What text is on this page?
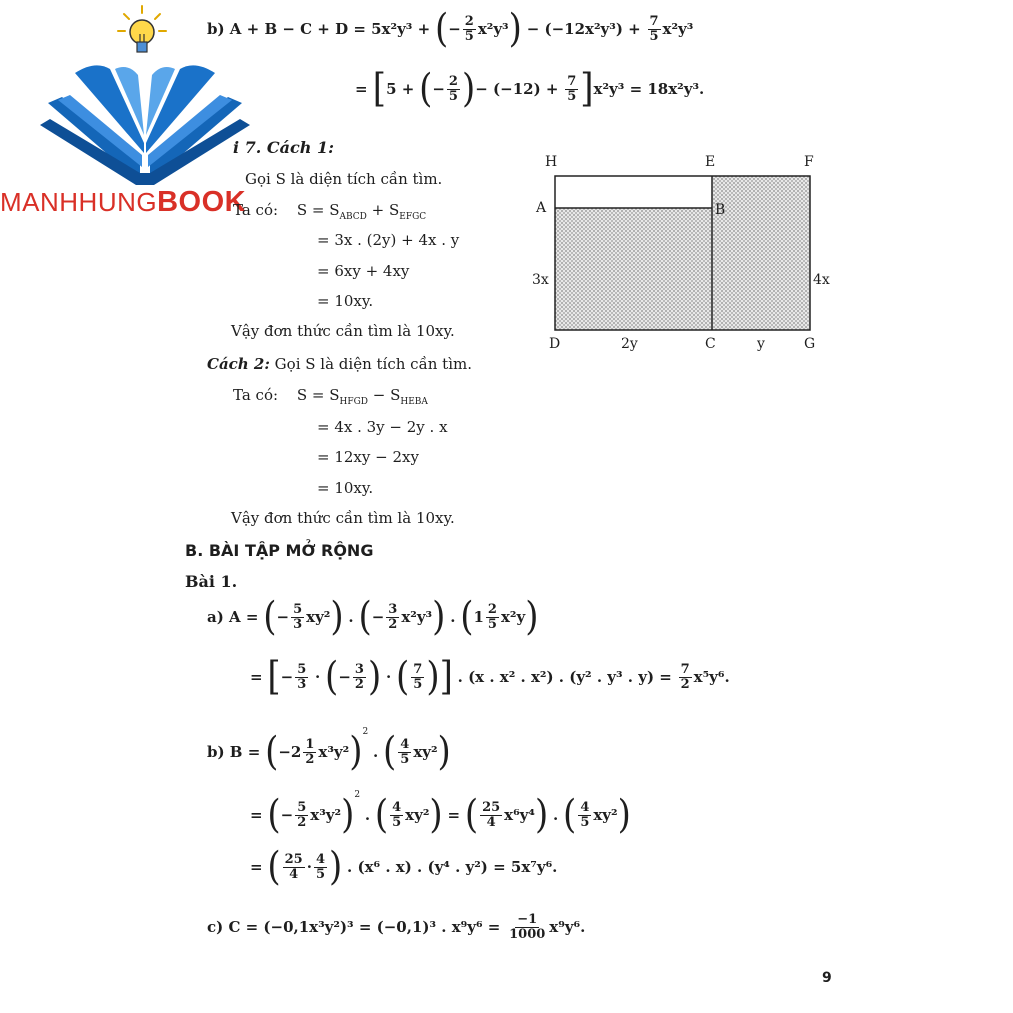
MANHHUNGBOOK
b) A + B − C + D = 5x²y³ + (− $\frac{2}{5} x^2y^3) - (-12x^2y^3) + \frac{7}{5} x^2y^3$
= [5 + (− $\frac{2}{5}$ )− $(-12) + \frac{7}{5} ]x^2y^3 = 18x^2y^3$.
i 7. Cách 1:
Gọi S là diện tích cần tìm.
Ta có: $S = S_{ABCD} + S_{EFGC}$
= 3x . (2y) + 4x . y
= 6xy + 4xy
= 10xy.
Vậy đơn thức cần tìm là 10xy.
Cách 2: Gọi S là diện tích cần tìm.
Ta có: $S = S_{HFGD} - S_{HEBA}$
= 4x . 3y − 2y . x
= 12xy − 2xy
= 10xy.
Vậy đơn thức cần tìm là 10xy.
H	E	F
A	B
3x	4x
D	2y	C	y	G
B. BÀI TẬP MỞ RỘNG
Bài 1.
a) A = (− $\frac{5}{3} xy^2$) . (− $\frac{3}{2} x^2y^3$) . $(1 \frac{2}{5} x^2y)$
= [− $\frac{5}{3}$ · (− $\frac{3}{2}$ ) · ( $\frac{7}{5}$ )] . (x . x² . x²) . (y² . y³ . $y) = \frac{7}{2} x^5y^6$.
b) $B = (-2 \frac{1}{2} x^3y^2)^2$ . ( $\frac{4}{5} xy^2$)
= (− $\frac{5}{2} x^3y^2)^2$ . ( $\frac{4}{5} xy^2$) = ( $\frac{25}{4} x^6y^4$) . ( $\frac{4}{5} xy^2$)
= ( $\frac{25}{4} \cdot \frac{4}{5}$ ) . (x⁶ . x) . (y⁴ . y²) = 5x⁷y⁶.
c) C = (−0,1x³y²)³ = (−0,1)³ . $x^9y^6 = \frac{-1}{1000} x^9y^6$.
9
